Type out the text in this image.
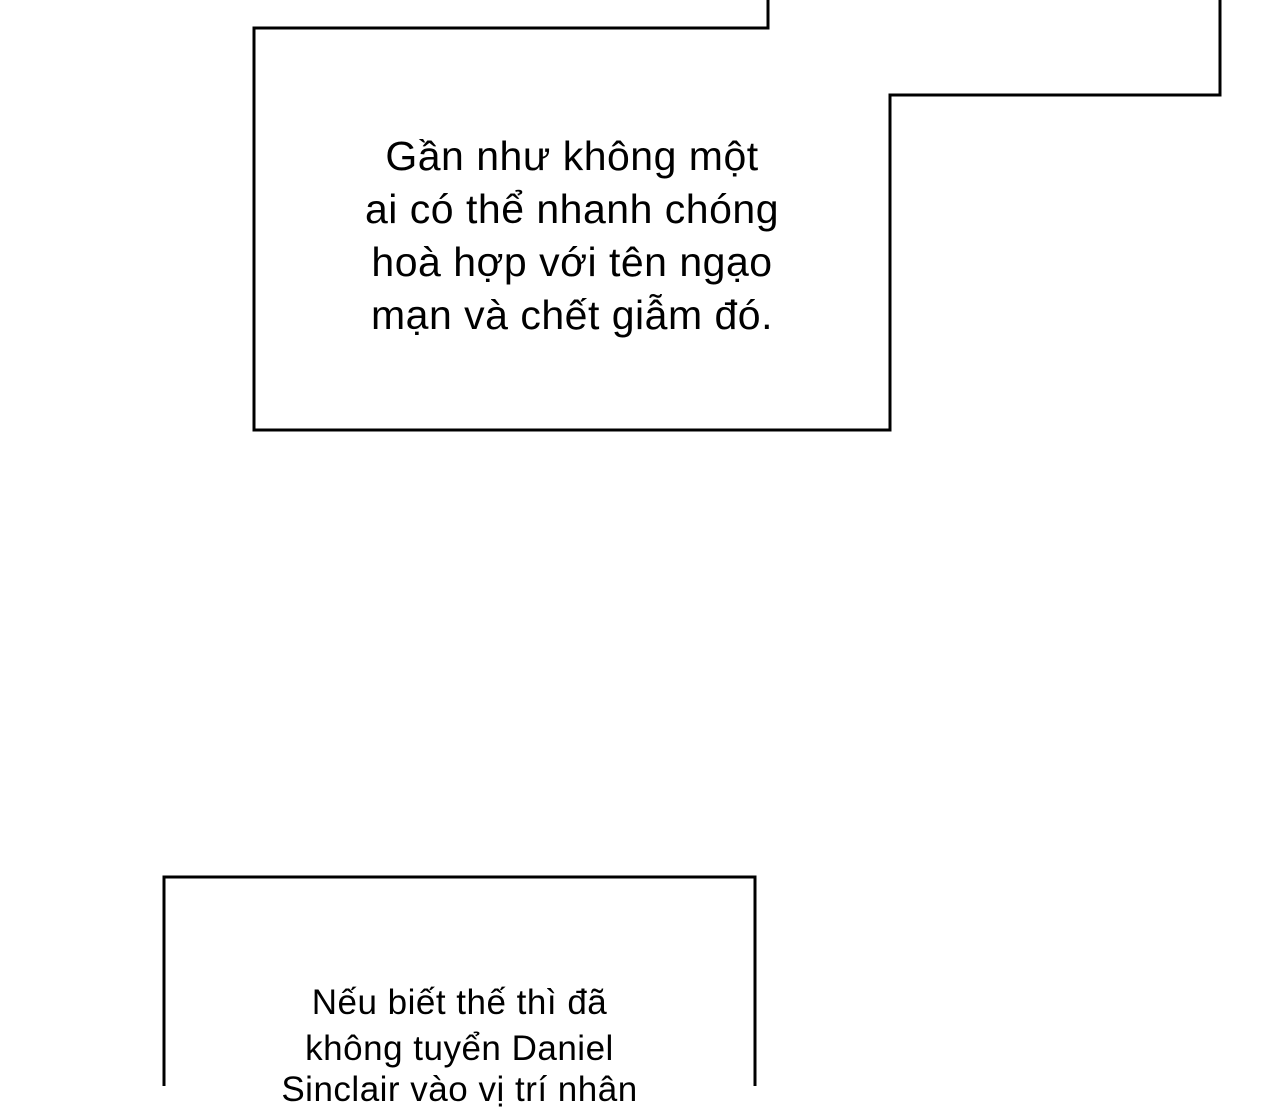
Gần như không một
ai có thể nhanh chóng
hoà hợp với tên ngạo
mạn và chết giẫm đó.
Nếu biết thế thì đã
không tuyển Daniel
Sinclair vào vị trí nhân
